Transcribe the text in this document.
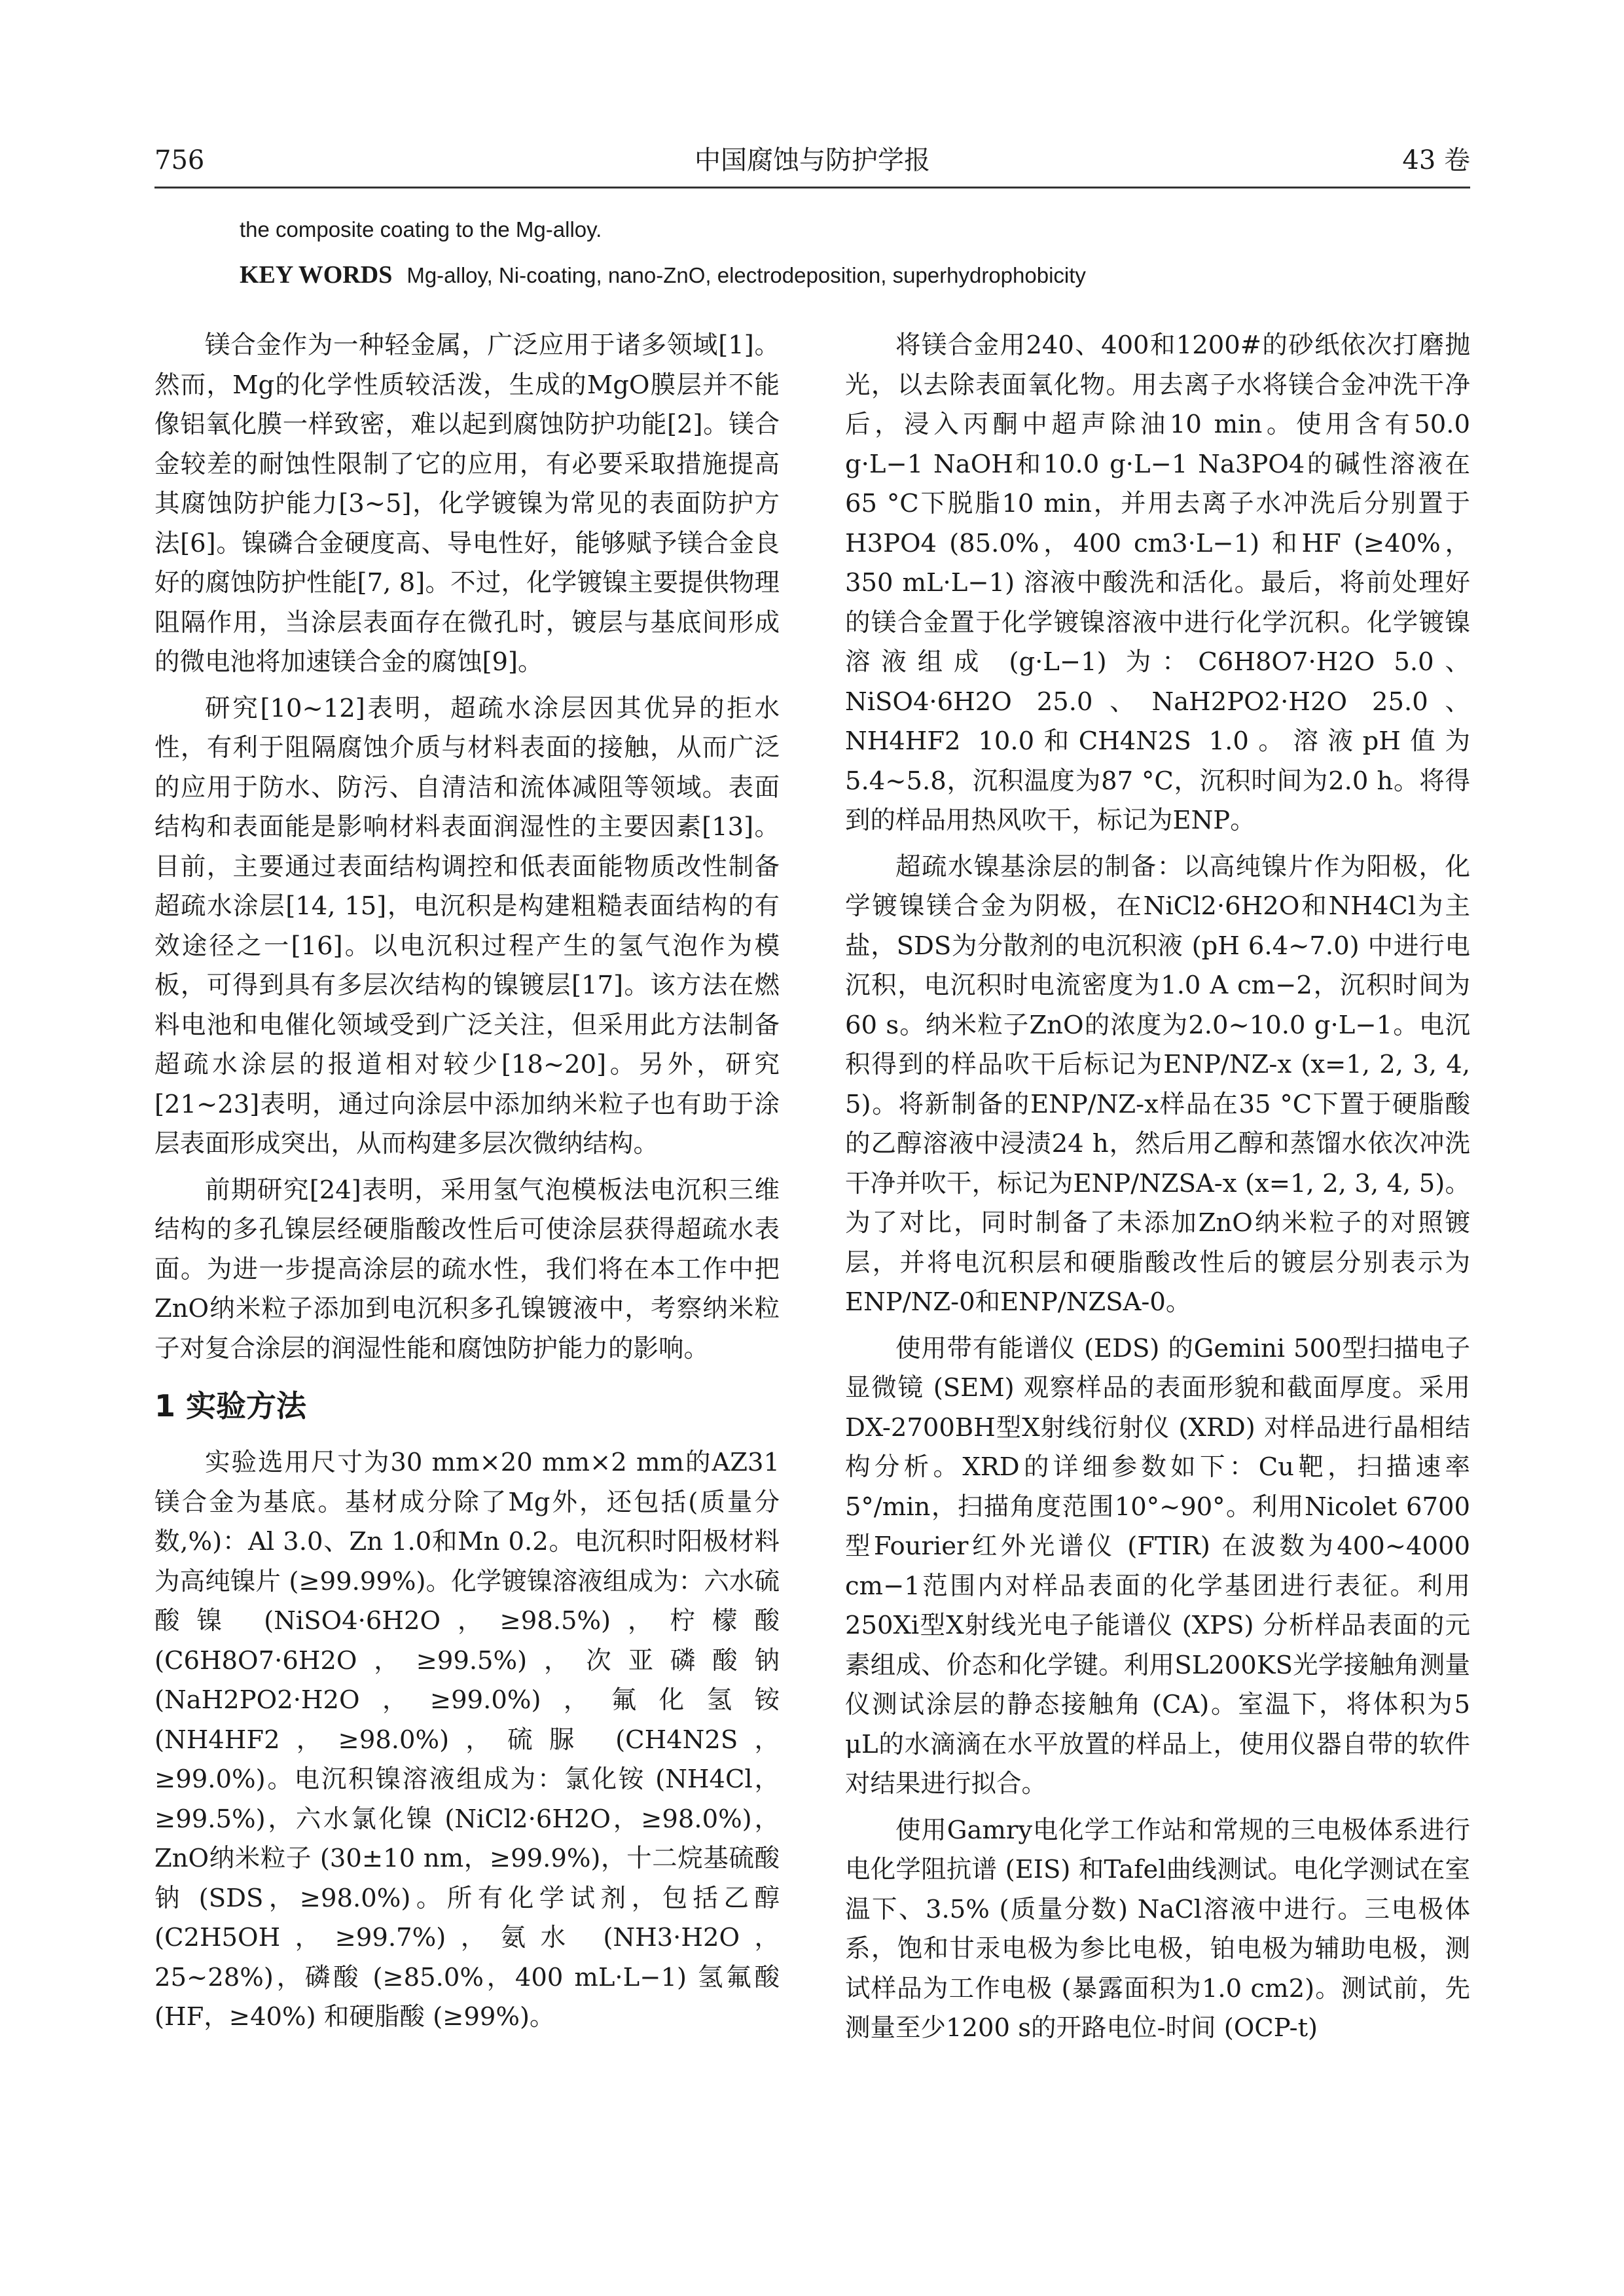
756	中国腐蚀与防护学报	43 卷
the composite coating to the Mg-alloy.
KEY WORDS Mg-alloy, Ni-coating, nano-ZnO, electrodeposition, superhydrophobicity

镁合金作为一种轻金属，广泛应用于诸多领域[1]。然而，Mg的化学性质较活泼，生成的MgO膜层并不能像铝氧化膜一样致密，难以起到腐蚀防护功能[2]。镁合金较差的耐蚀性限制了它的应用，有必要采取措施提高其腐蚀防护能力[3~5]，化学镀镍为常见的表面防护方法[6]。镍磷合金硬度高、导电性好，能够赋予镁合金良好的腐蚀防护性能[7, 8]。不过，化学镀镍主要提供物理阻隔作用，当涂层表面存在微孔时，镀层与基底间形成的微电池将加速镁合金的腐蚀[9]。

研究[10~12]表明，超疏水涂层因其优异的拒水性，有利于阻隔腐蚀介质与材料表面的接触，从而广泛的应用于防水、防污、自清洁和流体减阻等领域。表面结构和表面能是影响材料表面润湿性的主要因素[13]。目前，主要通过表面结构调控和低表面能物质改性制备超疏水涂层[14, 15]，电沉积是构建粗糙表面结构的有效途径之一[16]。以电沉积过程产生的氢气泡作为模板，可得到具有多层次结构的镍镀层[17]。该方法在燃料电池和电催化领域受到广泛关注，但采用此方法制备超疏水涂层的报道相对较少[18~20]。另外，研究[21~23]表明，通过向涂层中添加纳米粒子也有助于涂层表面形成突出，从而构建多层次微纳结构。

前期研究[24]表明，采用氢气泡模板法电沉积三维结构的多孔镍层经硬脂酸改性后可使涂层获得超疏水表面。为进一步提高涂层的疏水性，我们将在本工作中把ZnO纳米粒子添加到电沉积多孔镍镀液中，考察纳米粒子对复合涂层的润湿性能和腐蚀防护能力的影响。

1 实验方法

实验选用尺寸为30 mm×20 mm×2 mm的AZ31镁合金为基底。基材成分除了Mg外，还包括(质量分数,%)：Al 3.0、Zn 1.0和Mn 0.2。电沉积时阳极材料为高纯镍片 (≥99.99%)。化学镀镍溶液组成为：六水硫酸镍 (NiSO4·6H2O，≥98.5%)，柠檬酸 (C6H8O7·6H2O，≥99.5%)，次亚磷酸钠 (NaH2PO2·H2O，≥99.0%)，氟化氢铵 (NH4HF2，≥98.0%)，硫脲 (CH4N2S，≥99.0%)。电沉积镍溶液组成为：氯化铵 (NH4Cl，≥99.5%)，六水氯化镍 (NiCl2·6H2O，≥98.0%)，ZnO纳米粒子 (30±10 nm，≥99.9%)，十二烷基硫酸钠 (SDS，≥98.0%)。所有化学试剂，包括乙醇 (C2H5OH，≥99.7%)，氨水 (NH3·H2O，25~28%)，磷酸 (≥85.0%，400 mL·L−1) 氢氟酸 (HF，≥40%) 和硬脂酸 (≥99%)。

将镁合金用240、400和1200#的砂纸依次打磨抛光，以去除表面氧化物。用去离子水将镁合金冲洗干净后，浸入丙酮中超声除油10 min。使用含有50.0 g·L−1 NaOH和10.0 g·L−1 Na3PO4的碱性溶液在65 °C下脱脂10 min，并用去离子水冲洗后分别置于H3PO4 (85.0%，400 cm3·L−1) 和HF (≥40%，350 mL·L−1) 溶液中酸洗和活化。最后，将前处理好的镁合金置于化学镀镍溶液中进行化学沉积。化学镀镍溶液组成 (g·L−1) 为：C6H8O7·H2O 5.0、NiSO4·6H2O 25.0、NaH2PO2·H2O 25.0、NH4HF2 10.0和CH4N2S 1.0。溶液pH值为5.4~5.8，沉积温度为87 °C，沉积时间为2.0 h。将得到的样品用热风吹干，标记为ENP。

超疏水镍基涂层的制备：以高纯镍片作为阳极，化学镀镍镁合金为阴极，在NiCl2·6H2O和NH4Cl为主盐，SDS为分散剂的电沉积液 (pH 6.4~7.0) 中进行电沉积，电沉积时电流密度为1.0 A cm−2，沉积时间为60 s。纳米粒子ZnO的浓度为2.0~10.0 g·L−1。电沉积得到的样品吹干后标记为ENP/NZ-x (x=1, 2, 3, 4, 5)。将新制备的ENP/NZ-x样品在35 °C下置于硬脂酸的乙醇溶液中浸渍24 h，然后用乙醇和蒸馏水依次冲洗干净并吹干，标记为ENP/NZSA-x (x=1, 2, 3, 4, 5)。为了对比，同时制备了未添加ZnO纳米粒子的对照镀层，并将电沉积层和硬脂酸改性后的镀层分别表示为ENP/NZ-0和ENP/NZSA-0。

使用带有能谱仪 (EDS) 的Gemini 500型扫描电子显微镜 (SEM) 观察样品的表面形貌和截面厚度。采用DX-2700BH型X射线衍射仪 (XRD) 对样品进行晶相结构分析。XRD的详细参数如下：Cu靶，扫描速率5°/min，扫描角度范围10°~90°。利用Nicolet 6700型Fourier红外光谱仪 (FTIR) 在波数为400~4000 cm−1范围内对样品表面的化学基团进行表征。利用250Xi型X射线光电子能谱仪 (XPS) 分析样品表面的元素组成、价态和化学键。利用SL200KS光学接触角测量仪测试涂层的静态接触角 (CA)。室温下，将体积为5 μL的水滴滴在水平放置的样品上，使用仪器自带的软件对结果进行拟合。

使用Gamry电化学工作站和常规的三电极体系进行电化学阻抗谱 (EIS) 和Tafel曲线测试。电化学测试在室温下、3.5% (质量分数) NaCl溶液中进行。三电极体系，饱和甘汞电极为参比电极，铂电极为辅助电极，测试样品为工作电极 (暴露面积为1.0 cm2)。测试前，先测量至少1200 s的开路电位-时间 (OCP-t)
